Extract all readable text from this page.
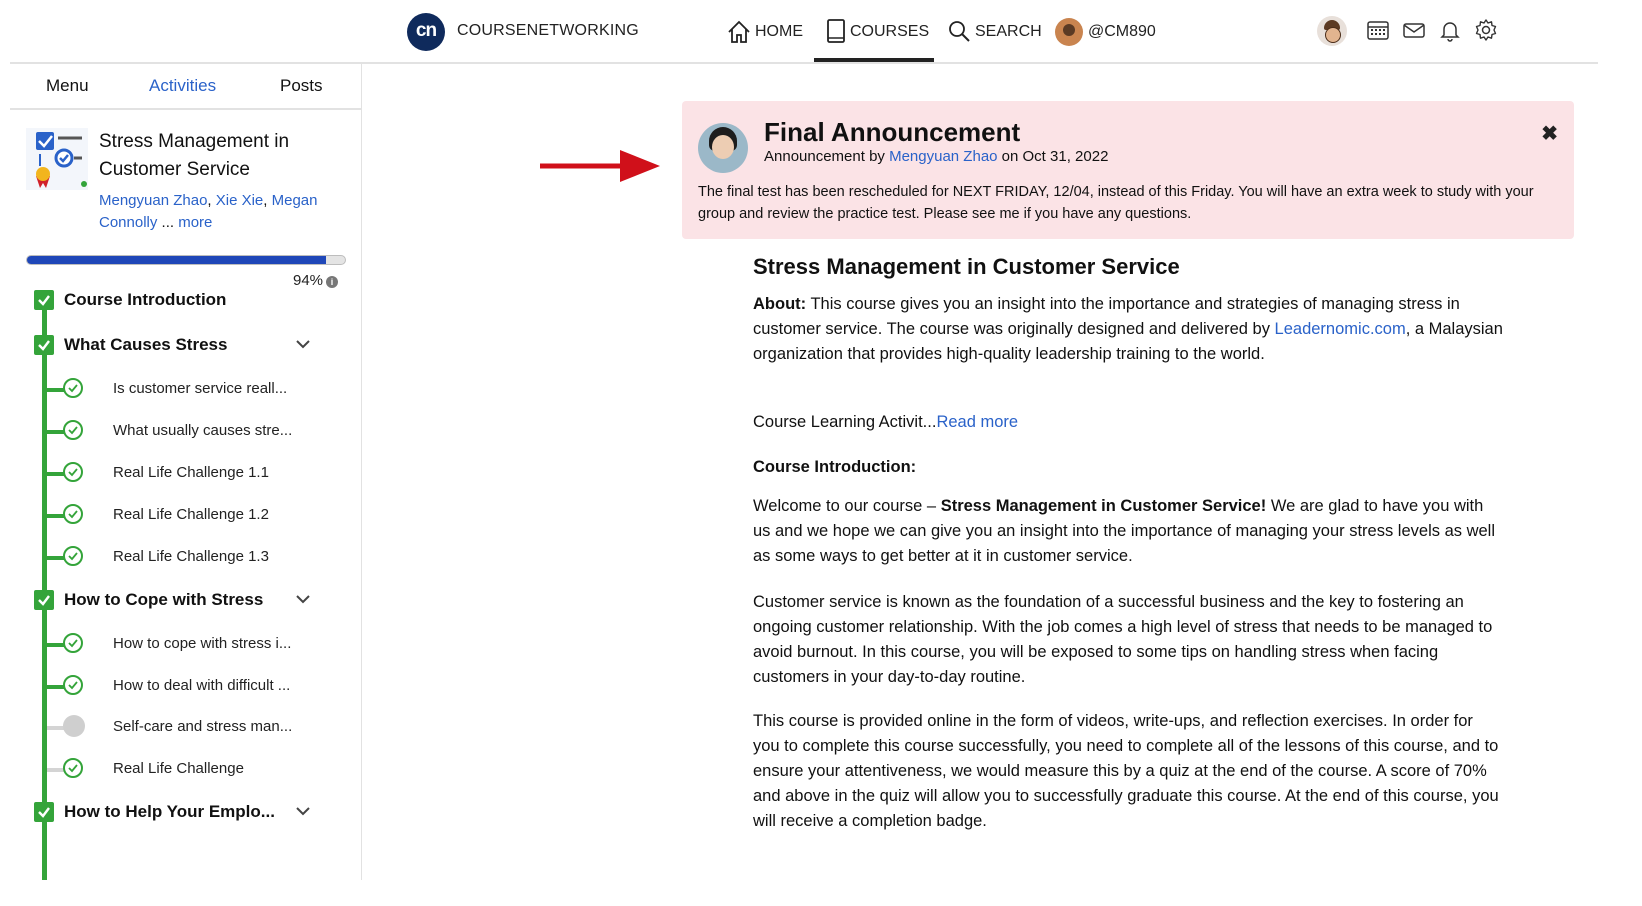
cn	COURSENETWORKING	HOME	COURSES	SEARCH	@CM890
Menu	Activities	Posts
Stress Management in Customer Service
Mengyuan Zhao, Xie Xie, Megan Connolly ... more
94% i
Course Introduction
What Causes Stress
Is customer service reall...
What usually causes stre...
Real Life Challenge 1.1
Real Life Challenge 1.2
Real Life Challenge 1.3
How to Cope with Stress
How to cope with stress i...
How to deal with difficult ...
Self-care and stress man...
Real Life Challenge
How to Help Your Emplo...
Final Announcement
Announcement by Mengyuan Zhao on Oct 31, 2022
✖
The final test has been rescheduled for NEXT FRIDAY, 12/04, instead of this Friday. You will have an extra week to study with your group and review the practice test. Please see me if you have any questions.
Stress Management in Customer Service

About: This course gives you an insight into the importance and strategies of managing stress in customer service. The course was originally designed and delivered by Leadernomic.com, a Malaysian organization that provides high-quality leadership training to the world.

Course Learning Activit...Read more

Course Introduction:

Welcome to our course – Stress Management in Customer Service! We are glad to have you with us and we hope we can give you an insight into the importance of managing your stress levels as well as some ways to get better at it in customer service.

Customer service is known as the foundation of a successful business and the key to fostering an ongoing customer relationship. With the job comes a high level of stress that needs to be managed to avoid burnout. In this course, you will be exposed to some tips on handling stress when facing customers in your day-to-day routine.

This course is provided online in the form of videos, write-ups, and reflection exercises. In order for you to complete this course successfully, you need to complete all of the lessons of this course, and to ensure your attentiveness, we would measure this by a quiz at the end of the course. A score of 70% and above in the quiz will allow you to successfully graduate this course. At the end of this course, you will receive a completion badge.
